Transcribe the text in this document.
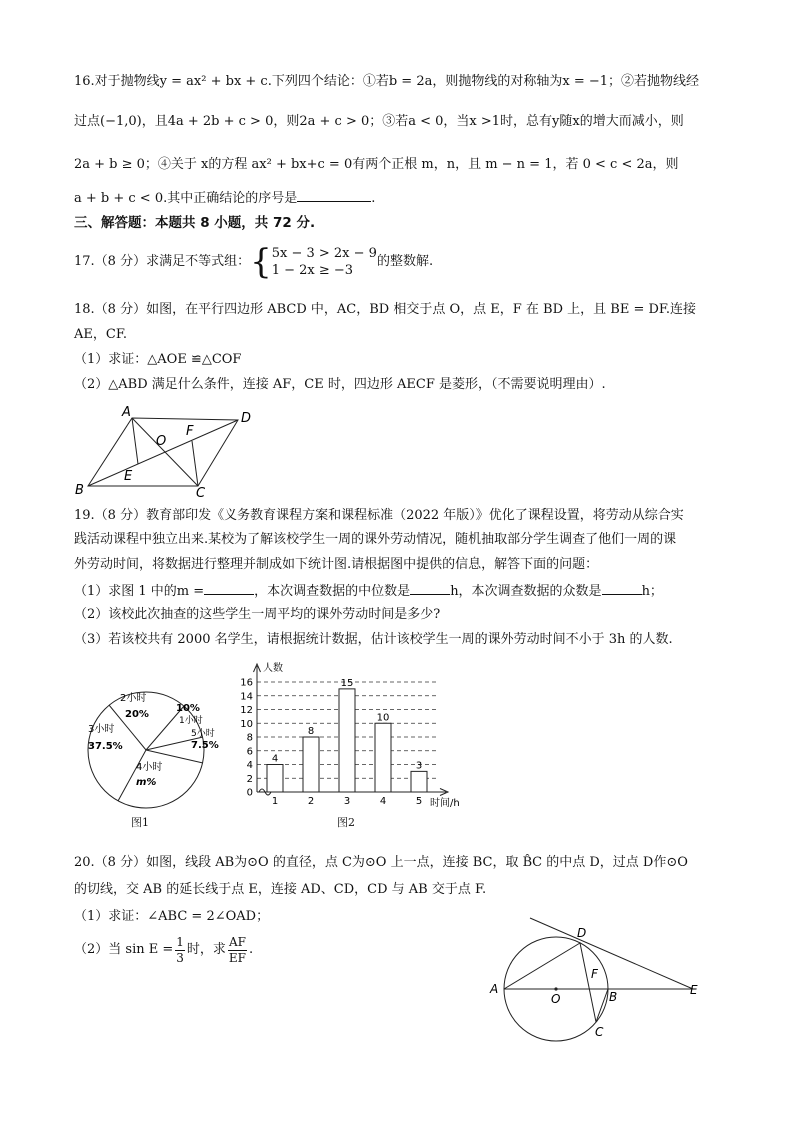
16.对于抛物线y = ax² + bx + c.下列四个结论：①若b = 2a，则抛物线的对称轴为x = −1；②若抛物线经
过点(−1,0)，且4a + 2b + c > 0，则2a + c > 0；③若a < 0，当x >1时，总有y随x的增大而减小，则
2a + b ≥ 0；④关于 x的方程 ax² + bx+c = 0有两个正根 m，n，且 m − n = 1，若 0 < c < 2a，则
a + b + c < 0.其中正确结论的序号是	.
三、解答题：本题共 8 小题，共 72 分.
17.（8 分）求满足不等式组： { 5x − 3 > 2x − 9
1 − 2x ≥ −3
的整数解.
18.（8 分）如图，在平行四边形 ABCD 中，AC，BD 相交于点 O，点 E，F 在 BD 上，且 BE = DF.连接
AE，CF.
（1）求证：△AOE ≌△COF
（2）△ABD 满足什么条件，连接 AF，CE 时，四边形 AECF 是菱形，（不需要说明理由）.
A	D
B	C
O
F
E
19.（8 分）教育部印发《义务教育课程方案和课程标准（2022 年版）》优化了课程设置，将劳动从综合实
践活动课程中独立出来.某校为了解该校学生一周的课外劳动情况，随机抽取部分学生调查了他们一周的课
外劳动时间，将数据进行整理并制成如下统计图.请根据图中提供的信息，解答下面的问题：
（1）求图 1 中的m =	，本次调查数据的中位数是	h，本次调查数据的众数是	h；
（2）该校此次抽查的这些学生一周平均的课外劳动时间是多少?
（3）若该校共有 2000 名学生，请根据统计数据，估计该校学生一周的课外劳动时间不小于 3h 的人数.
2小时
20%
1小时
10%
5小时
7.5%
4小时
m%
3小时
37.5%
图1
0
2
4
6
8
10
12
14
16
4
1
8
2
15
3
10
4
3
5
人数
时间/h
图2
20.（8 分）如图，线段 AB为⊙O 的直径，点 C为⊙O 上一点，连接 BC，取 B̂C 的中点 D，过点 D作⊙O
的切线，交 AB 的延长线于点 E，连接 AD、CD，CD 与 AB 交于点 F.
（1）求证：∠ABC = 2∠OAD；
（2）当 $\sin E = \frac{1}{3}$ 时，求 $\frac{AF}{EF}$ .
A
O
F
B
C
D
E
